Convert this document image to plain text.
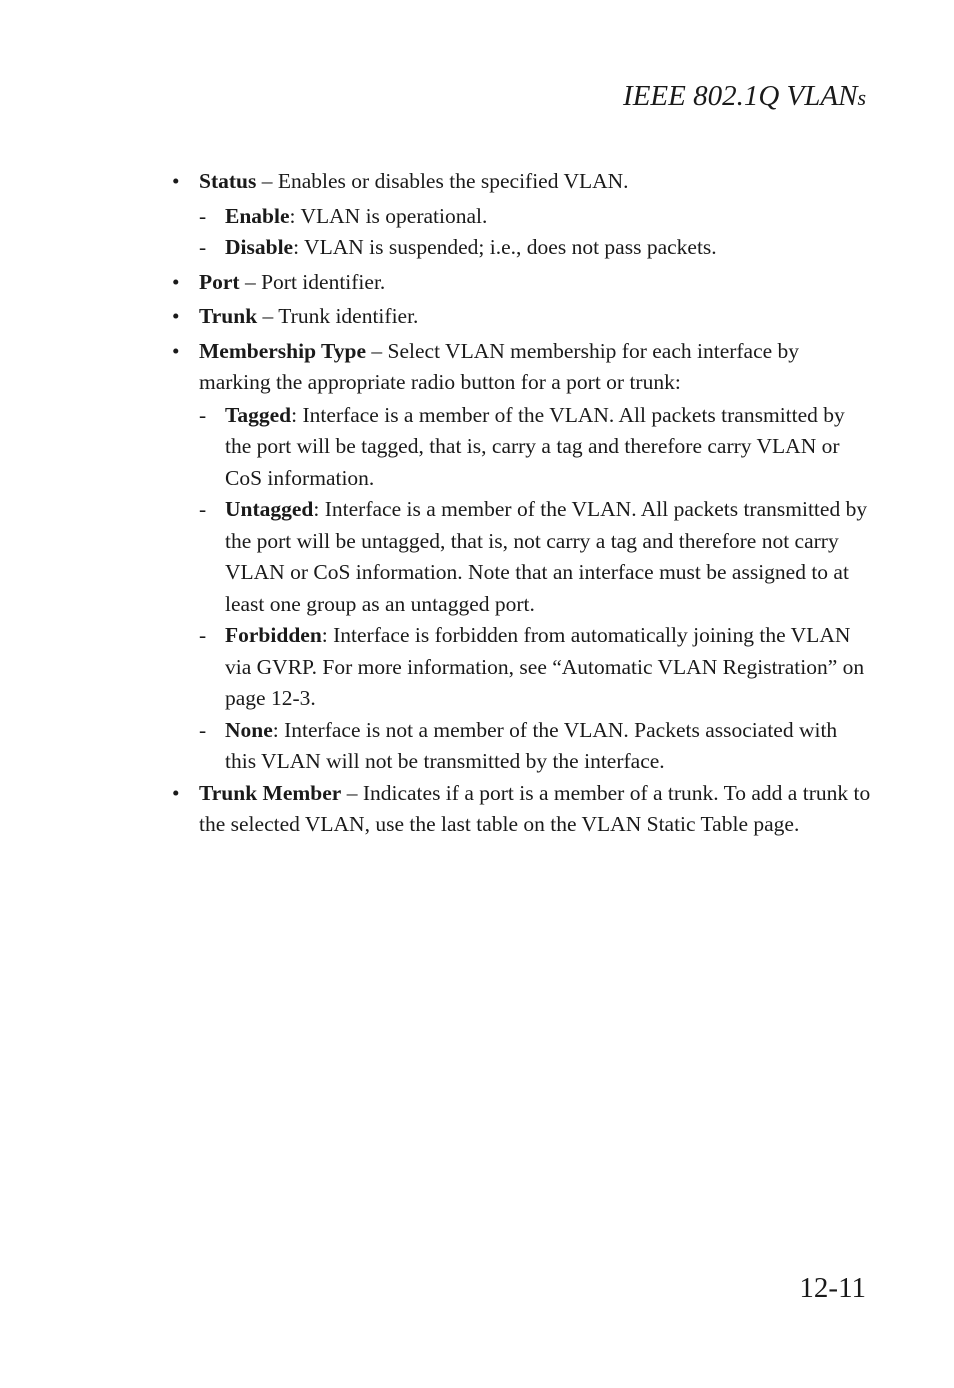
IEEE 802.1Q VLANs
• Status – Enables or disables the specified VLAN.
- Enable: VLAN is operational.
- Disable: VLAN is suspended; i.e., does not pass packets.
• Port – Port identifier.
• Trunk – Trunk identifier.
• Membership Type – Select VLAN membership for each interface by marking the appropriate radio button for a port or trunk:
- Tagged: Interface is a member of the VLAN. All packets transmitted by the port will be tagged, that is, carry a tag and therefore carry VLAN or CoS information.
- Untagged: Interface is a member of the VLAN. All packets transmitted by the port will be untagged, that is, not carry a tag and therefore not carry VLAN or CoS information. Note that an interface must be assigned to at least one group as an untagged port.
- Forbidden: Interface is forbidden from automatically joining the VLAN via GVRP. For more information, see “Automatic VLAN Registration” on page 12-3.
- None: Interface is not a member of the VLAN. Packets associated with this VLAN will not be transmitted by the interface.
• Trunk Member – Indicates if a port is a member of a trunk. To add a trunk to the selected VLAN, use the last table on the VLAN Static Table page.
12-11
